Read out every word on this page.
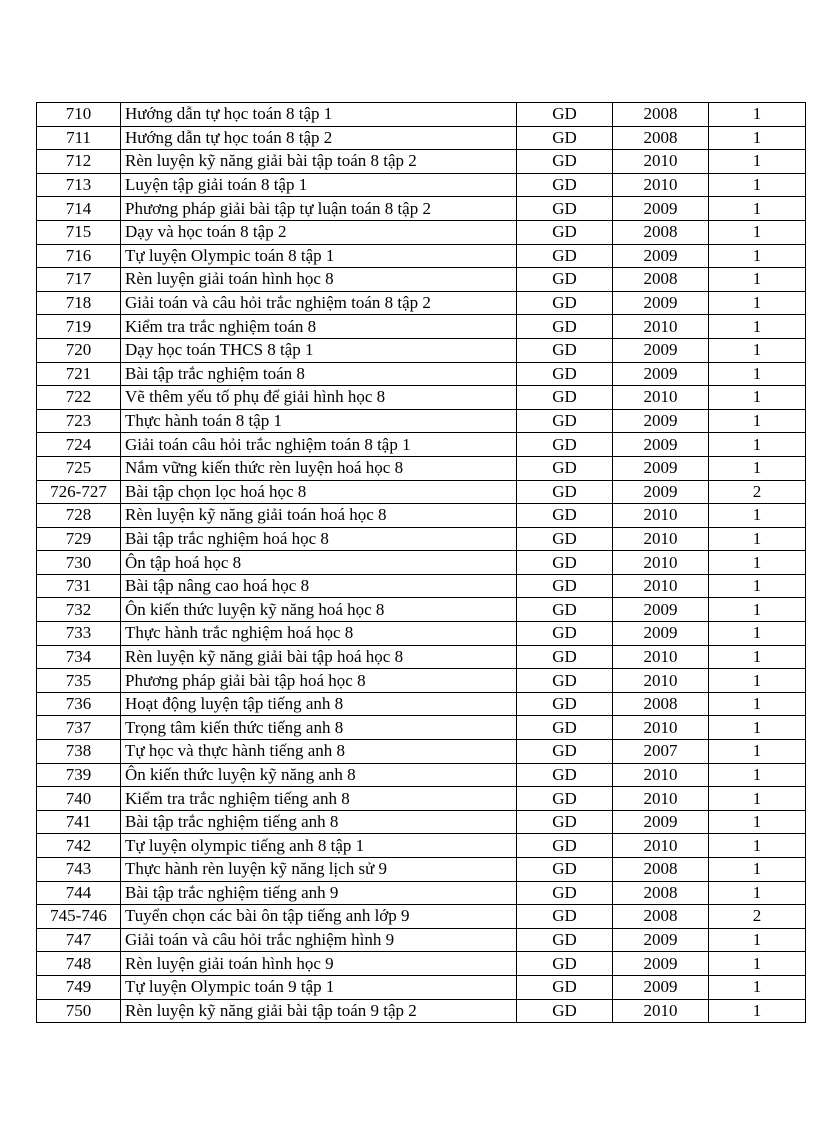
710	Hướng dẫn tự học toán 8 tập 1	GD	2008	1
711	Hướng dẫn tự học toán 8 tập 2	GD	2008	1
712	Rèn luyện kỹ năng giải bài tập toán 8 tập 2	GD	2010	1
713	Luyện tập giải toán 8 tập 1	GD	2010	1
714	Phương pháp giải bài tập tự luận toán 8 tập 2	GD	2009	1
715	Dạy và học toán 8 tập 2	GD	2008	1
716	Tự luyện Olympic toán 8 tập 1	GD	2009	1
717	Rèn luyện giải toán hình học 8	GD	2008	1
718	Giải toán và câu hỏi trắc nghiệm toán 8 tập 2	GD	2009	1
719	Kiểm tra trắc nghiệm toán 8	GD	2010	1
720	Dạy học toán THCS 8 tập 1	GD	2009	1
721	Bài tập trắc nghiệm toán 8	GD	2009	1
722	Vẽ thêm yếu tố phụ để giải hình học 8	GD	2010	1
723	Thực hành toán 8 tập 1	GD	2009	1
724	Giải toán câu hỏi trắc nghiệm toán 8 tập 1	GD	2009	1
725	Nắm vững kiến thức rèn luyện hoá học 8	GD	2009	1
726-727	Bài tập chọn lọc hoá học 8	GD	2009	2
728	Rèn luyện kỹ năng giải toán hoá học 8	GD	2010	1
729	Bài tập trắc nghiệm hoá học 8	GD	2010	1
730	Ôn tập hoá học 8	GD	2010	1
731	Bài tập nâng cao hoá học 8	GD	2010	1
732	Ôn kiến thức luyện kỹ năng hoá học 8	GD	2009	1
733	Thực hành trắc nghiệm hoá học 8	GD	2009	1
734	Rèn luyện kỹ năng giải bài tập hoá học 8	GD	2010	1
735	Phương pháp giải bài tập hoá học 8	GD	2010	1
736	Hoạt động luyện tập tiếng anh 8	GD	2008	1
737	Trọng tâm kiến thức tiếng anh 8	GD	2010	1
738	Tự học và thực hành tiếng anh 8	GD	2007	1
739	Ôn kiến thức luyện kỹ năng anh 8	GD	2010	1
740	Kiểm tra trắc nghiệm tiếng anh 8	GD	2010	1
741	Bài tập trắc nghiệm tiếng anh 8	GD	2009	1
742	Tự luyện olympic tiếng anh 8 tập 1	GD	2010	1
743	Thực hành rèn luyện kỹ năng lịch sử 9	GD	2008	1
744	Bài tập trắc nghiệm tiếng anh 9	GD	2008	1
745-746	Tuyển chọn các bài ôn tập tiếng anh lớp 9	GD	2008	2
747	Giải toán và câu hỏi trắc nghiệm hình 9	GD	2009	1
748	Rèn luyện giải toán hình học 9	GD	2009	1
749	Tự luyện Olympic toán 9 tập 1	GD	2009	1
750	Rèn luyện kỹ năng giải bài tập toán 9 tập 2	GD	2010	1
